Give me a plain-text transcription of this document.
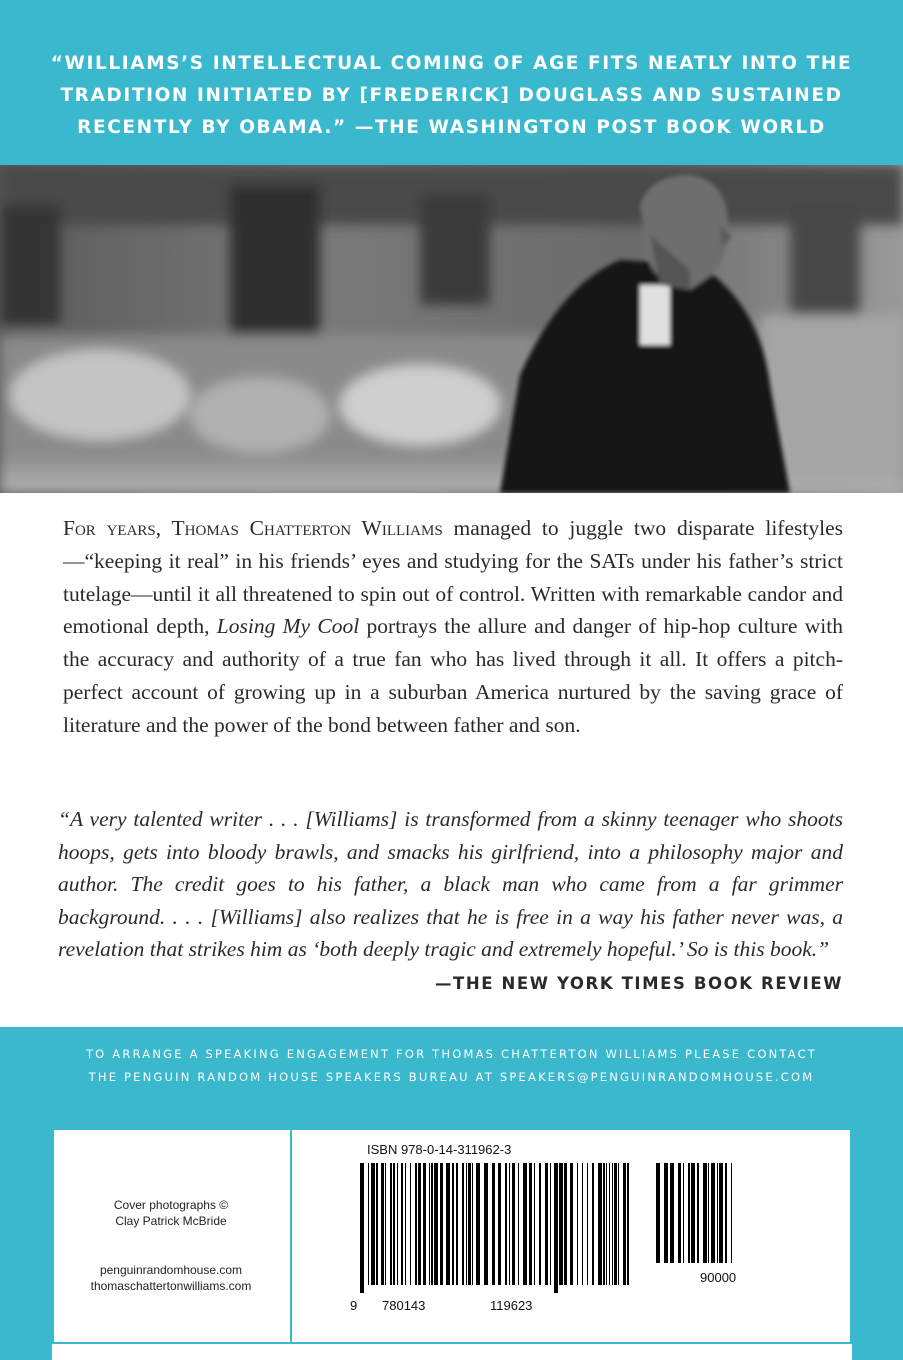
“WILLIAMS’S INTELLECTUAL COMING OF AGE FITS NEATLY INTO THE TRADITION INITIATED BY [FREDERICK] DOUGLASS AND SUSTAINED RECENTLY BY OBAMA.” —THE WASHINGTON POST BOOK WORLD
For years, Thomas Chatterton Williams managed to juggle two disparate lifestyles—“keeping it real” in his friends’ eyes and studying for the SATs under his father’s strict tutelage—until it all threatened to spin out of control. Written with remarkable candor and emotional depth, Losing My Cool portrays the allure and danger of hip-hop culture with the accuracy and authority of a true fan who has lived through it all. It offers a pitch-perfect account of growing up in a suburban America nurtured by the saving grace of literature and the power of the bond between father and son.
“A very talented writer . . . [Williams] is transformed from a skinny teenager who shoots hoops, gets into bloody brawls, and smacks his girlfriend, into a philosophy major and author. The credit goes to his father, a black man who came from a far grimmer background. . . . [Williams] also realizes that he is free in a way his father never was, a revelation that strikes him as ‘both deeply tragic and extremely hopeful.’ So is this book.”
—THE NEW YORK TIMES BOOK REVIEW
TO ARRANGE A SPEAKING ENGAGEMENT FOR THOMAS CHATTERTON WILLIAMS PLEASE CONTACT
THE PENGUIN RANDOM HOUSE SPEAKERS BUREAU AT SPEAKERS@PENGUINRANDOMHOUSE.COM
Cover photographs ©
Clay Patrick McBride
penguinrandomhouse.com
thomaschattertonwilliams.com
ISBN 978-0-14-311962-3
9 780143	119623
90000
